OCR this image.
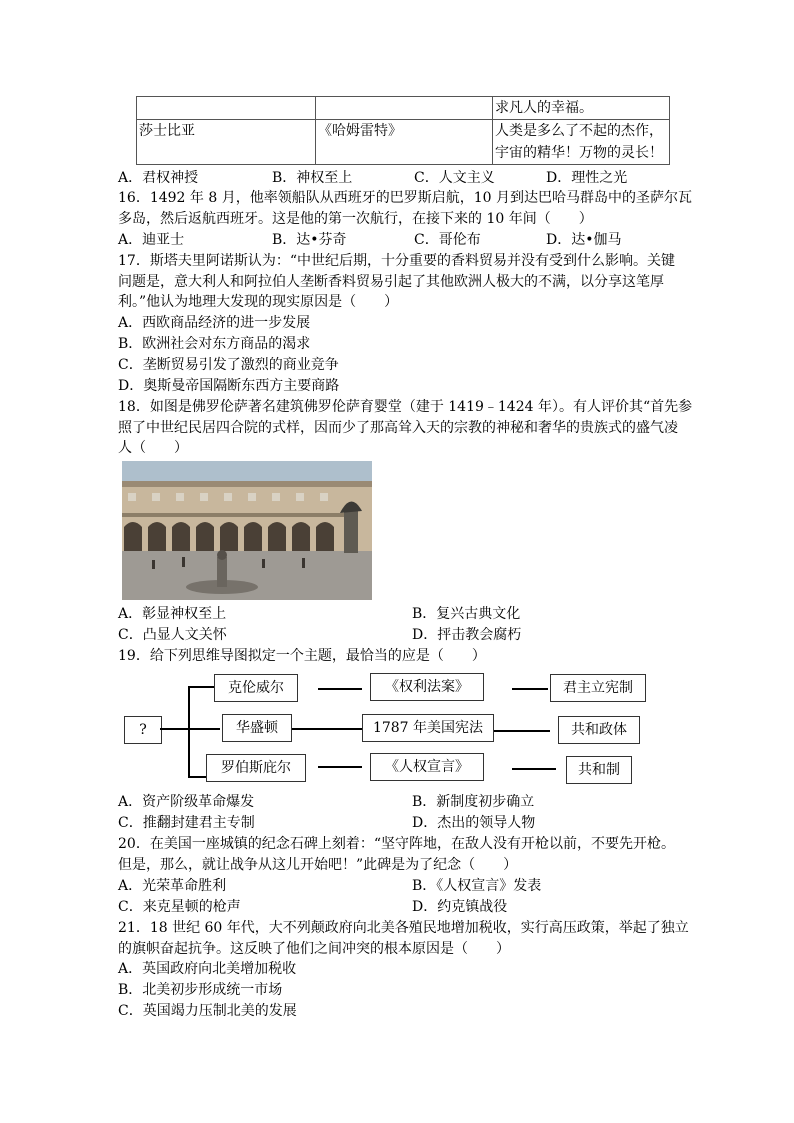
		求凡人的幸福。
莎士比亚	《哈姆雷特》	人类是多么了不起的杰作，
宇宙的精华！万物的灵长！
A．君权神授	B．神权至上	C．人文主义	D．理性之光
16．1492 年 8 月，他率领船队从西班牙的巴罗斯启航，10 月到达巴哈马群岛中的圣萨尔瓦
多岛，然后返航西班牙。这是他的第一次航行，在接下来的 10 年间（　　）
A．迪亚士	B．达•芬奇	C．哥伦布	D．达•伽马
17．斯塔夫里阿诺斯认为：“中世纪后期，十分重要的香料贸易并没有受到什么影响。关键
问题是，意大利人和阿拉伯人垄断香料贸易引起了其他欧洲人极大的不满，以分享这笔厚
利。”他认为地理大发现的现实原因是（　　）
A．西欧商品经济的进一步发展
B．欧洲社会对东方商品的渴求
C．垄断贸易引发了激烈的商业竞争
D．奥斯曼帝国隔断东西方主要商路
18．如图是佛罗伦萨著名建筑佛罗伦萨育婴堂（建于 1419﹣1424 年）。有人评价其“首先参
照了中世纪民居四合院的式样，因而少了那高耸入天的宗教的神秘和奢华的贵族式的盛气凌
人（　　）
A．彰显神权至上	B．复兴古典文化
C．凸显人文关怀	D．抨击教会腐朽
19．给下列思维导图拟定一个主题，最恰当的应是（　　）
?
克伦威尔	《权利法案》	君主立宪制
华盛顿	1787 年美国宪法	共和政体
罗伯斯庇尔	《人权宣言》	共和制
A．资产阶级革命爆发	B．新制度初步确立
C．推翻封建君主专制	D．杰出的领导人物
20．在美国一座城镇的纪念石碑上刻着：“坚守阵地，在敌人没有开枪以前，不要先开枪。
但是，那么，就让战争从这儿开始吧！”此碑是为了纪念（　　）
A．光荣革命胜利	B．《人权宣言》发表
C．来克星顿的枪声	D．约克镇战役
21．18 世纪 60 年代，大不列颠政府向北美各殖民地增加税收，实行高压政策，举起了独立
的旗帜奋起抗争。这反映了他们之间冲突的根本原因是（　　）
A．英国政府向北美增加税收
B．北美初步形成统一市场
C．英国竭力压制北美的发展
